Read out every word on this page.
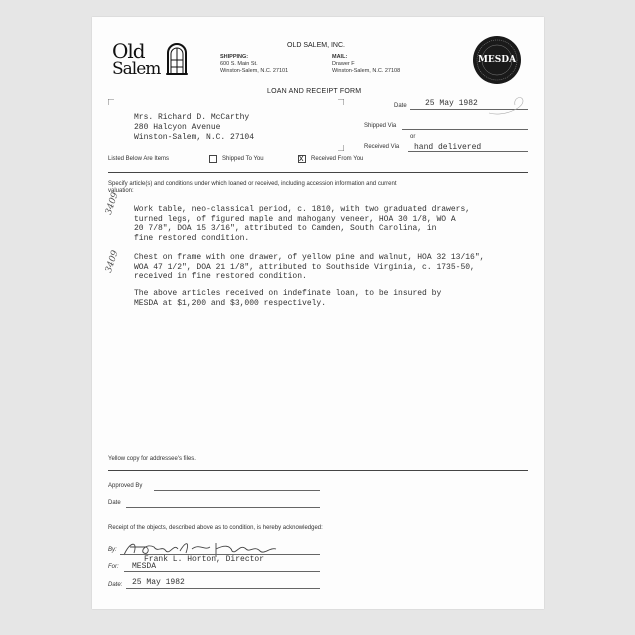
Old
Salem
OLD SALEM, INC.
SHIPPING:
600 S. Main St.
Winston-Salem, N.C. 27101
MAIL:
Drawer F
Winston-Salem, N.C. 27108
MESDA
LOAN AND RECEIPT FORM
Mrs. Richard D. McCarthy
280 Halcyon Avenue
Winston-Salem, N.C. 27104
Date 25 May 1982
Shipped Via
or
Received Via hand delivered
Listed Below Are Items	Shipped To You	x Received From You
Specify article(s) and conditions under which loaned or received, including accession information and current
valuation:
3409 Work table, neo-classical period, c. 1810, with two graduated drawers,
turned legs, of figured maple and mahogany veneer, HOA 30 1/8, WO A
20 7/8", DOA 15 3/16", attributed to Camden, South Carolina, in
fine restored condition.
3409 Chest on frame with one drawer, of yellow pine and walnut, HOA 32 13/16",
WOA 47 1/2", DOA 21 1/8", attributed to Southside Virginia, c. 1735-50,
received in fine restored condition.
The above articles received on indefinate loan, to be insured by
MESDA at $1,200 and $3,000 respectively.
Yellow copy for addressee's files.
Approved By
Date
Receipt of the objects, described above as to condition, is hereby acknowledged:
By:
Frank L. Horton, Director
For: MESDA
Date: 25 May 1982
